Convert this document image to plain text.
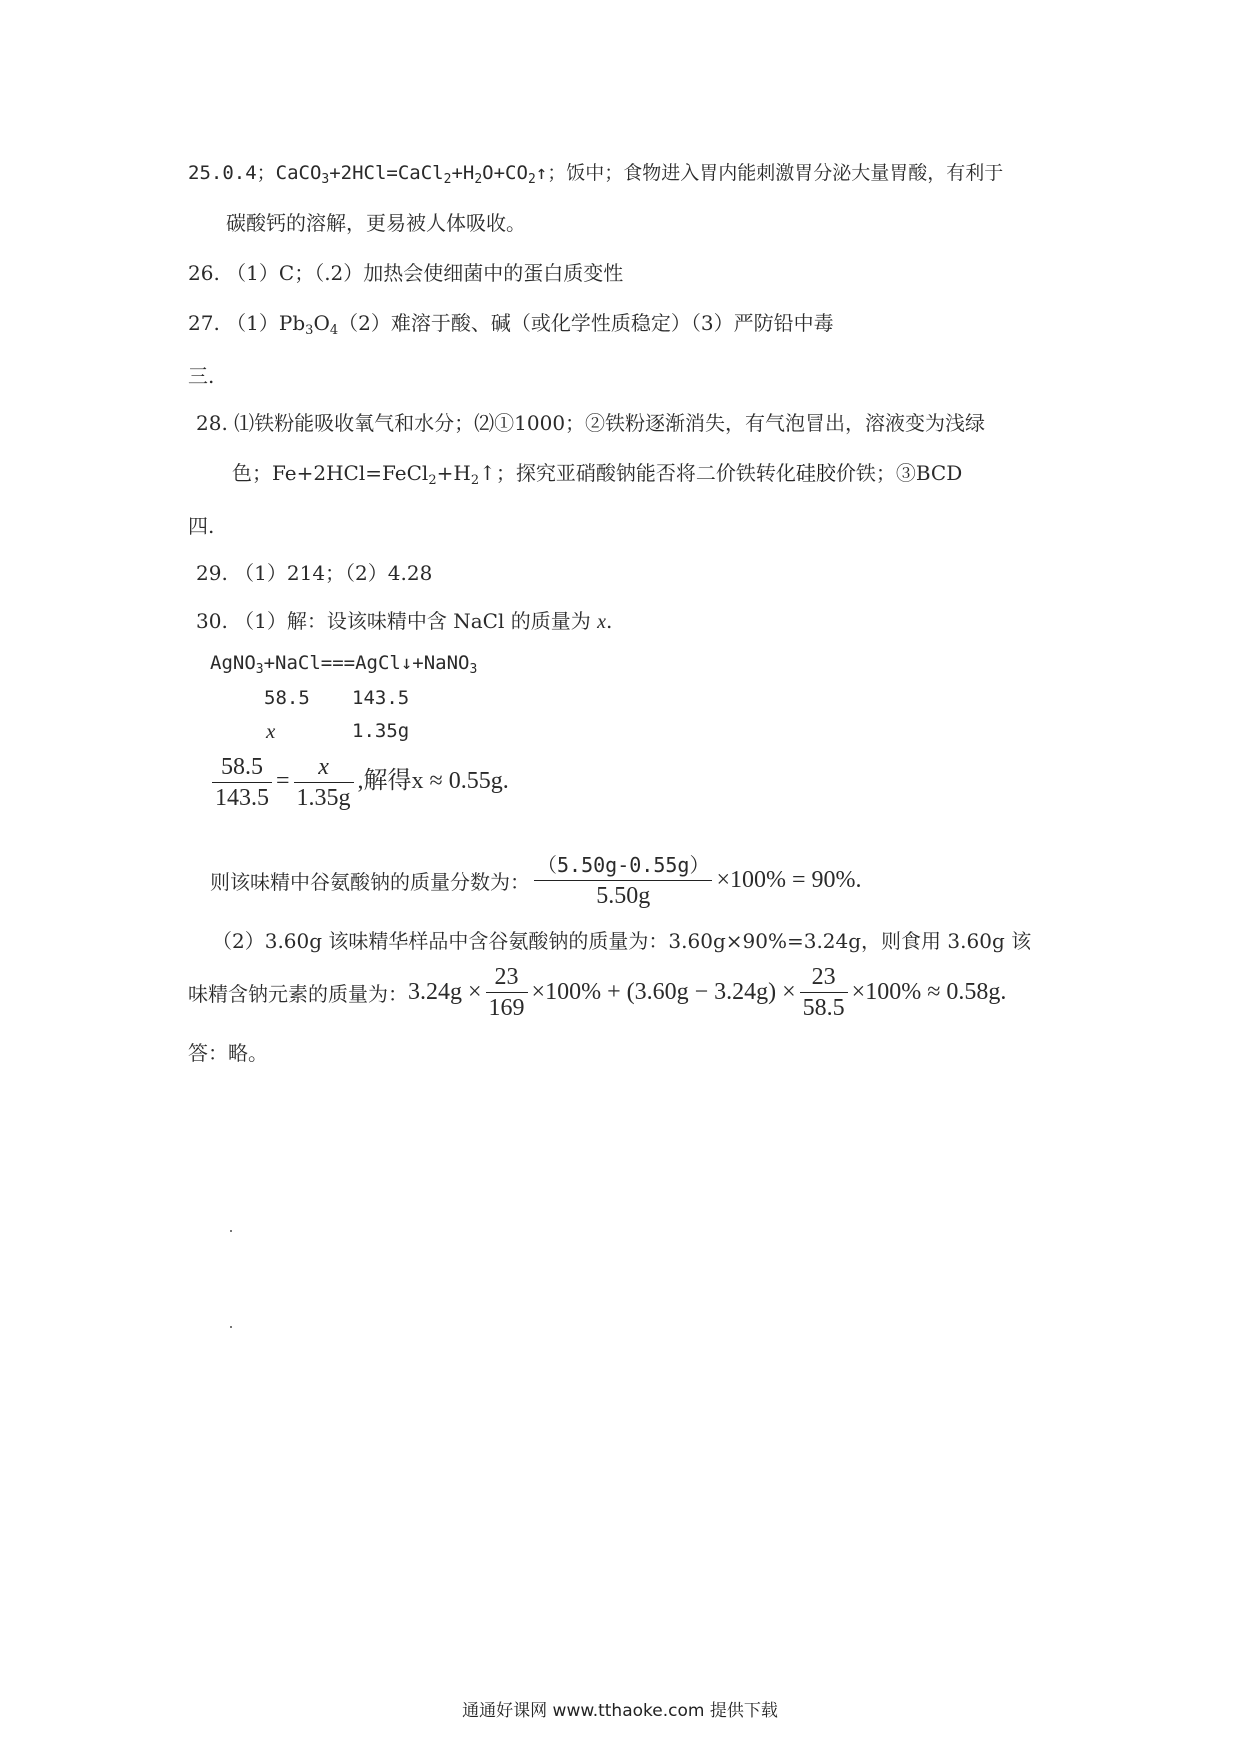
25.0.4；$CaCO_3+2HCl=CaCl_2+H_2O+CO_2↑$；饭中；食物进入胃内能刺激胃分泌大量胃酸，有利于
碳酸钙的溶解，更易被人体吸收。
26. （1）C；（.2）加热会使细菌中的蛋白质变性
27. $(1)Pb_3O_4(2)$难溶于酸、碱（或化学性质稳定）（3）严防铅中毒
三.
28. ⑴铁粉能吸收氧气和水分；⑵①1000；②铁粉逐渐消失，有气泡冒出，溶液变为浅绿
色；$Fe+2HCl=FeCl_2+H_2↑$；探究亚硝酸钠能否将二价铁转化硅胶价铁；③BCD
四.
29. （1）214；（2）4.28
30. （1）解：设该味精中含 NaCl 的质量为 x.
AgNO$_3$+NaCl===AgCl↓+NaNO$_3$
58.5 143.5
x	1.35g
$\frac{58.5}{143.5} = \frac{x}{1.35g}$ ,解得x ≈ 0.55g.
则该味精中谷氨酸钠的质量分数为： $\frac{(5.50g-0.55g)}{5.50g} \times 100\% = 90\%$.
（2）3.60g 该味精华样品中含谷氨酸钠的质量为：3.60g×90%=3.24g，则食用 3.60g 该
味精含钠元素的质量为：$3.24g \times \frac{23}{169} \times 100\% + (3.60g - 3.24g) \times \frac{23}{58.5} \times 100\% \approx 0.58g$.
答：略。
通通好课网 www.tthaoke.com 提供下载
